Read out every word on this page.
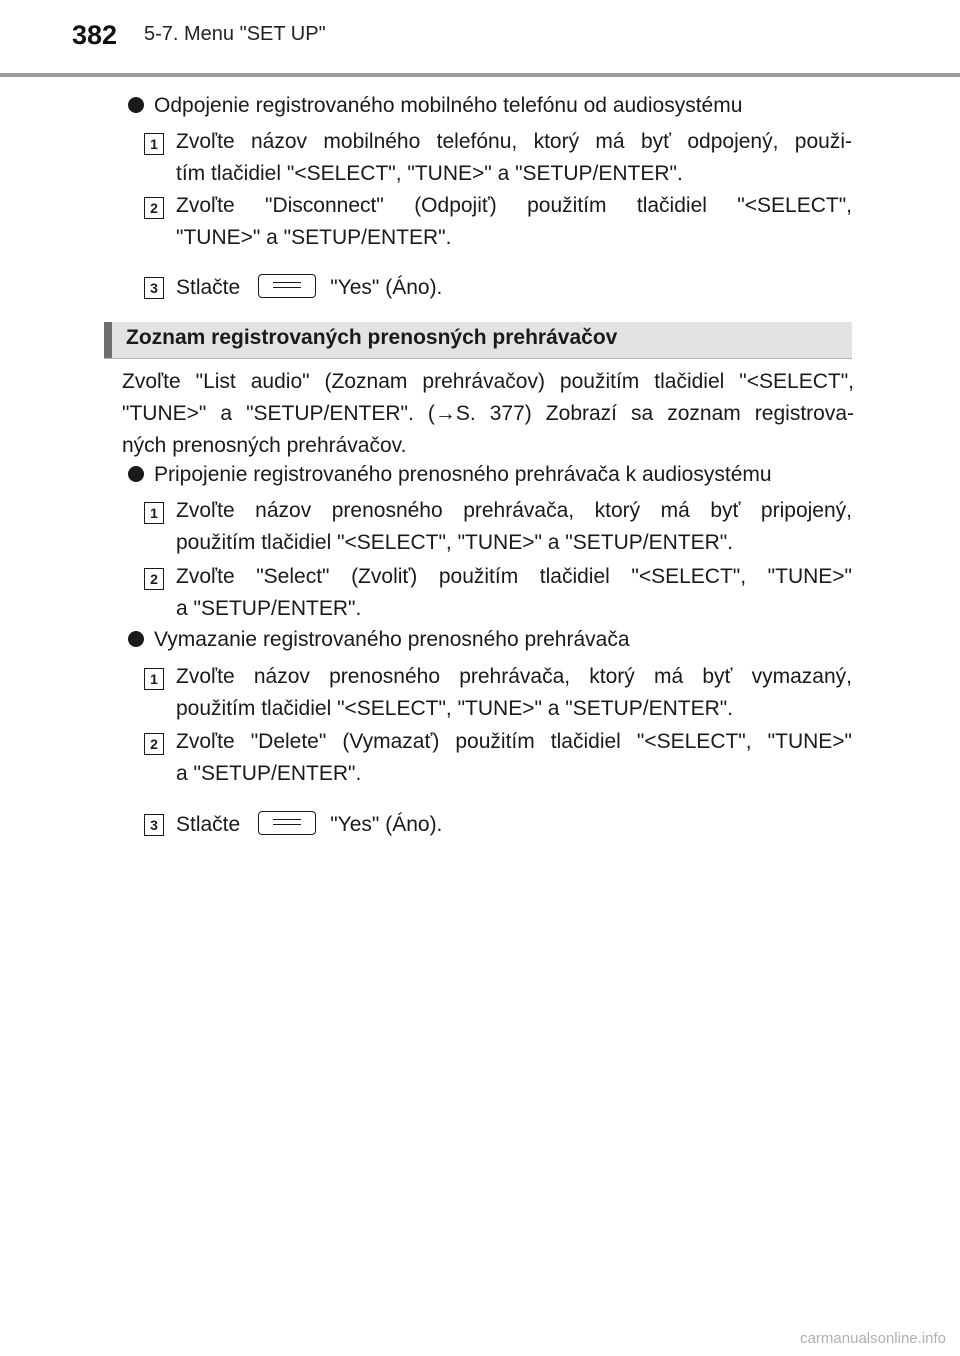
382 5-7. Menu "SET UP"
Odpojenie registrovaného mobilného telefónu od audiosystému
1 Zvoľte názov mobilného telefónu, ktorý má byť odpojený, použi-
tím tlačidiel "<SELECT", "TUNE>" a "SETUP/ENTER".
2 Zvoľte "Disconnect" (Odpojiť) použitím tlačidiel "<SELECT",
"TUNE>" a "SETUP/ENTER".
3 Stlačte	"Yes" (Áno).
Zoznam registrovaných prenosných prehrávačov
Zvoľte "List audio" (Zoznam prehrávačov) použitím tlačidiel "<SELECT",
"TUNE>" a "SETUP/ENTER". (→S. 377) Zobrazí sa zoznam registrova-
ných prenosných prehrávačov.
Pripojenie registrovaného prenosného prehrávača k audiosystému
1 Zvoľte názov prenosného prehrávača, ktorý má byť pripojený,
použitím tlačidiel "<SELECT", "TUNE>" a "SETUP/ENTER".
2 Zvoľte "Select" (Zvoliť) použitím tlačidiel "<SELECT", "TUNE>"
a "SETUP/ENTER".
Vymazanie registrovaného prenosného prehrávača
1 Zvoľte názov prenosného prehrávača, ktorý má byť vymazaný,
použitím tlačidiel "<SELECT", "TUNE>" a "SETUP/ENTER".
2 Zvoľte "Delete" (Vymazať) použitím tlačidiel "<SELECT", "TUNE>"
a "SETUP/ENTER".
3 Stlačte	"Yes" (Áno).
carmanualsonline.info
